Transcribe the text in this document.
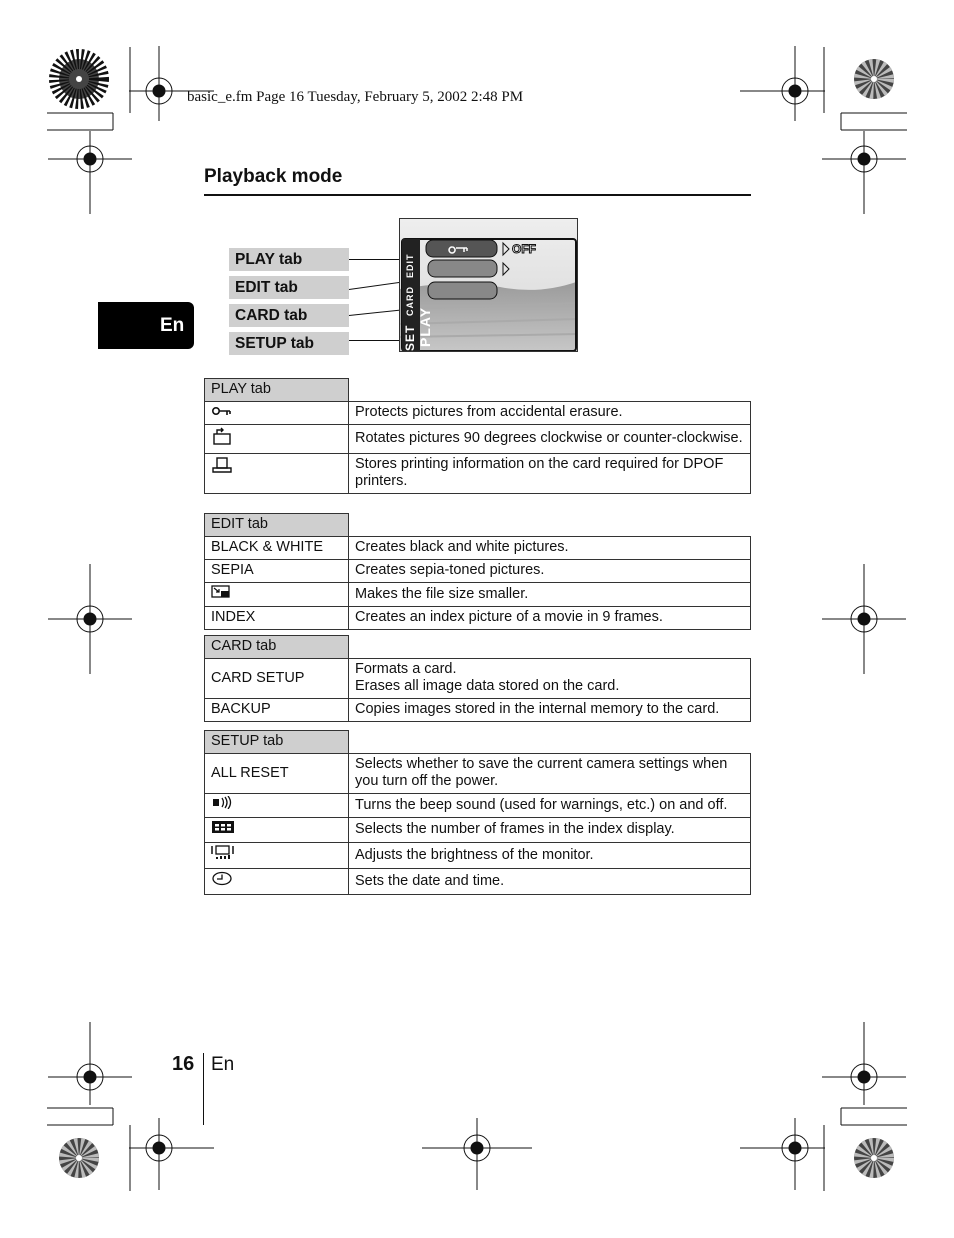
basic_e.fm Page 16 Tuesday, February 5, 2002 2:48 PM
Playback mode
En
PLAY tab
EDIT tab
CARD tab
SETUP tab	SET CARD EDIT PLAY
OFF
PLAY tab	
	Protects pictures from accidental erasure.
	Rotates pictures 90 degrees clockwise or counter-clockwise.
	Stores printing information on the card required for DPOF printers.
EDIT tab	
BLACK & WHITE	Creates black and white pictures.
SEPIA	Creates sepia-toned pictures.
	Makes the file size smaller.
INDEX	Creates an index picture of a movie in 9 frames.
CARD tab	
CARD SETUP	Formats a card.
Erases all image data stored on the card.

BACKUP	Copies images stored in the internal memory to the card.
SETUP tab	
ALL RESET	Selects whether to save the current camera settings when you turn off the power.
	Turns the beep sound (used for warnings, etc.) on and off.
	Selects the number of frames in the index display.
	Adjusts the brightness of the monitor.
	Sets the date and time.
16 En
